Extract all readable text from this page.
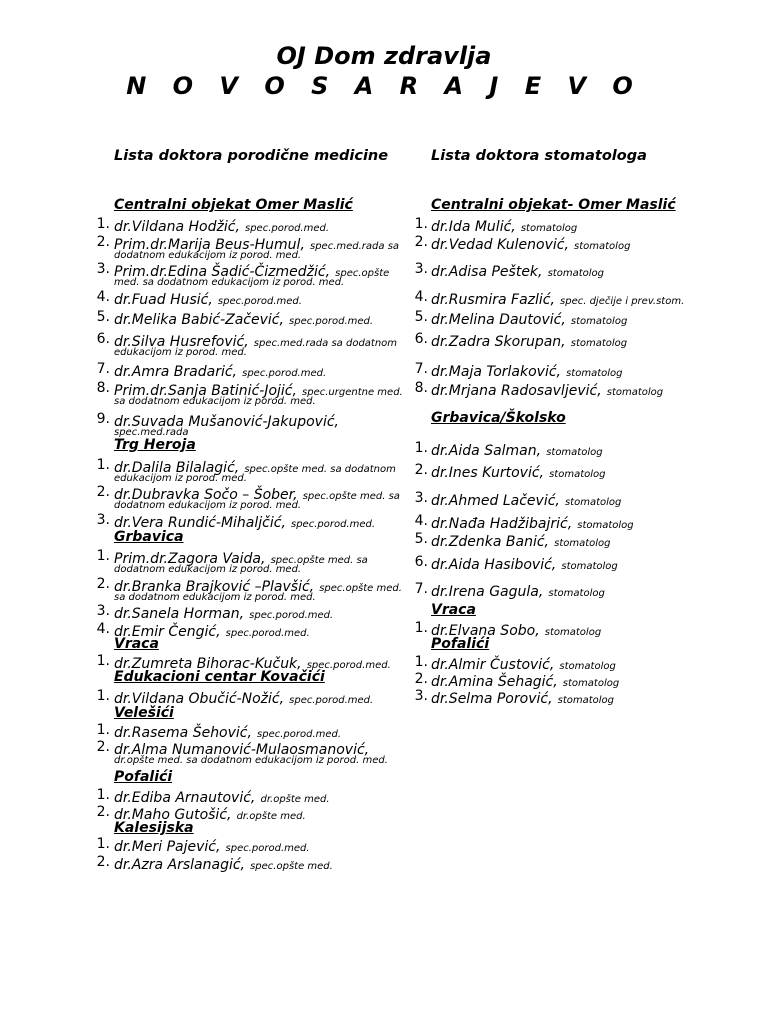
OJ Dom zdravlja
N O V O S A R A J E V O

Lista doktora porodične medicine

Centralni objekat Omer Maslić
1. dr.Vildana Hodžić, spec.porod.med.
2. Prim.dr.Marija Beus-Humul, spec.med.rada sa
dodatnom edukacijom iz porod. med.
3. Prim.dr.Edina Šadić-Čizmedžić, spec.opšte
med. sa dodatnom edukacijom iz porod. med.
4. dr.Fuad Husić, spec.porod.med.
5. dr.Melika Babić-Začević, spec.porod.med.
6. dr.Silva Husrefović, spec.med.rada sa dodatnom
edukacijom iz porod. med.
7. dr.Amra Bradarić, spec.porod.med.
8. Prim.dr.Sanja Batinić-Jojić, spec.urgentne med.
sa dodatnom edukacijom iz porod. med.
9. dr.Suvada Mušanović-Jakupović,
spec.med.rada
Trg Heroja
1. dr.Dalila Bilalagić, spec.opšte med. sa dodatnom
edukacijom iz porod. med.
2. dr.Dubravka Sočo – Šober, spec.opšte med. sa
dodatnom edukacijom iz porod. med.
3. dr.Vera Rundić-Mihaljčić, spec.porod.med.
Grbavica
1. Prim.dr.Zagora Vaida, spec.opšte med. sa
dodatnom edukacijom iz porod. med.
2. dr.Branka Brajković –Plavšić, spec.opšte med.
sa dodatnom edukacijom iz porod. med.
3. dr.Sanela Horman, spec.porod.med.
4. dr.Emir Čengić, spec.porod.med.
Vraca
1. dr.Zumreta Bihorac-Kučuk, spec.porod.med.
Edukacioni centar Kovačići
1. dr.Vildana Obučić-Nožić, spec.porod.med.
Velešići
1. dr.Rasema Šehović, spec.porod.med.
2. dr.Alma Numanović-Mulaosmanović,
dr.opšte med. sa dodatnom edukacijom iz porod. med.
Pofalići
1. dr.Ediba Arnautović, dr.opšte med.
2. dr.Maho Gutošić, dr.opšte med.
Kalesijska
1. dr.Meri Pajević, spec.porod.med.
2. dr.Azra Arslanagić, spec.opšte med.

Lista doktora stomatologa

Centralni objekat- Omer Maslić
1. dr.Ida Mulić, stomatolog
2. dr.Vedad Kulenović, stomatolog
3. dr.Adisa Peštek, stomatolog
4. dr.Rusmira Fazlić, spec. dječije i prev.stom.
5. dr.Melina Dautović, stomatolog
6. dr.Zadra Skorupan, stomatolog
7. dr.Maja Torlaković, stomatolog
8. dr.Mrjana Radosavljević, stomatolog
Grbavica/Školsko
1. dr.Aida Salman, stomatolog
2. dr.Ines Kurtović, stomatolog
3. dr.Ahmed Lačević, stomatolog
4. dr.Nađa Hadžibajrić, stomatolog
5. dr.Zdenka Banić, stomatolog
6. dr.Aida Hasibović, stomatolog
7. dr.Irena Gagula, stomatolog
Vraca
1. dr.Elvana Sobo, stomatolog
Pofalići
1. dr.Almir Čustović, stomatolog
2. dr.Amina Šehagić, stomatolog
3. dr.Selma Porović, stomatolog
